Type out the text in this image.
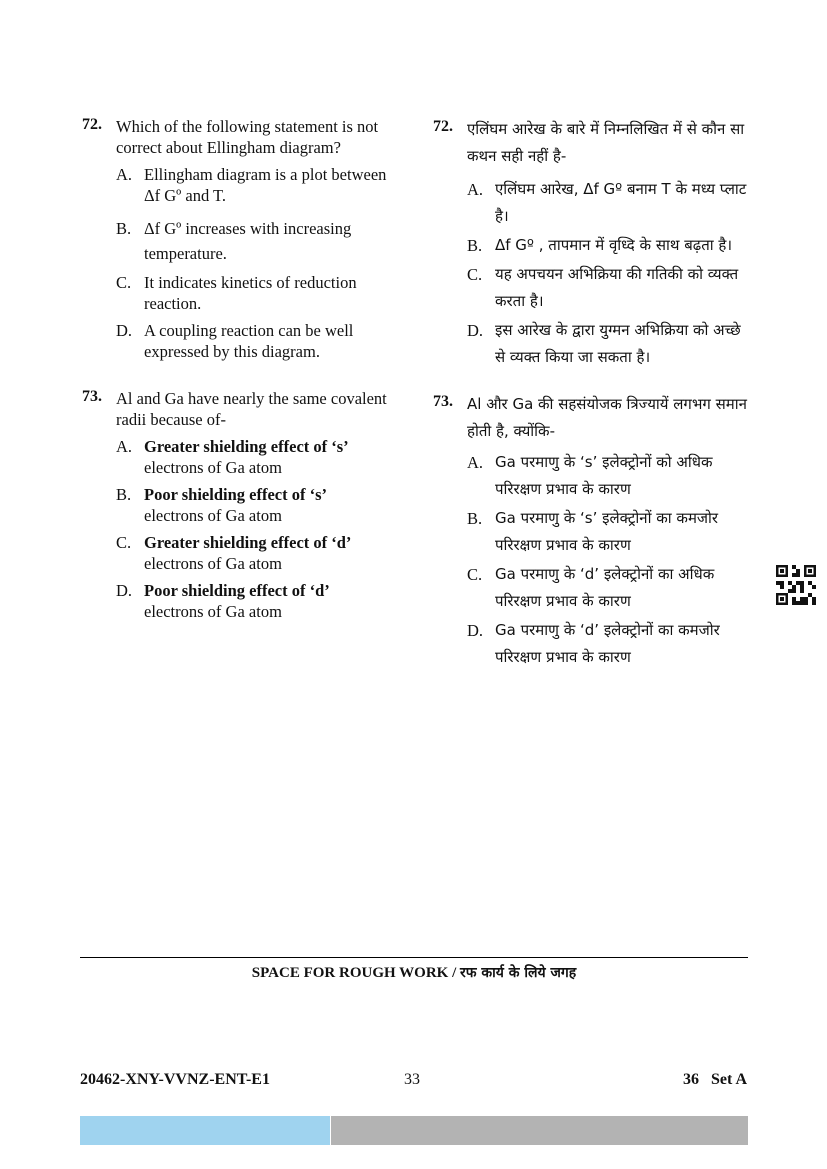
72. Which of the following statement is not correct about Ellingham diagram?
A. Ellingham diagram is a plot between Δf Gº and T.
B. Δf Gº increases with increasing temperature.
C. It indicates kinetics of reduction reaction.
D. A coupling reaction can be well expressed by this diagram.
73. Al and Ga have nearly the same covalent radii because of-
A. Greater shielding effect of ‘s’
electrons of Ga atom
B. Poor shielding effect of ‘s’
electrons of Ga atom
C. Greater shielding effect of ‘d’
electrons of Ga atom
D. Poor shielding effect of ‘d’
electrons of Ga atom
72. एलिंघम आरेख के बारे में निम्नलिखित में से कौन सा कथन सही नहीं है-
A. एलिंघम आरेख, Δf Gº बनाम T के मध्य प्लाट है।
B. Δf Gº , तापमान में वृध्दि के साथ बढ़ता है।
C. यह अपचयन अभिक्रिया की गतिकी को व्यक्त करता है।
D. इस आरेख के द्वारा युग्मन अभिक्रिया को अच्छे से व्यक्त किया जा सकता है।
73. Al और Ga की सहसंयोजक त्रिज्यायें लगभग समान होती है, क्योंकि-
A. Ga परमाणु के ‘s’ इलेक्ट्रोनों को अधिक परिरक्षण प्रभाव के कारण
B. Ga परमाणु के ‘s’ इलेक्ट्रोनों का कमजोर परिरक्षण प्रभाव के कारण
C. Ga परमाणु के ‘d’ इलेक्ट्रोनों का अधिक परिरक्षण प्रभाव के कारण
D. Ga परमाणु के ‘d’ इलेक्ट्रोनों का कमजोर परिरक्षण प्रभाव के कारण
SPACE FOR ROUGH WORK / रफ कार्य के लिये जगह
20462-XNY-VVNZ-ENT-E1	33	36   Set A
